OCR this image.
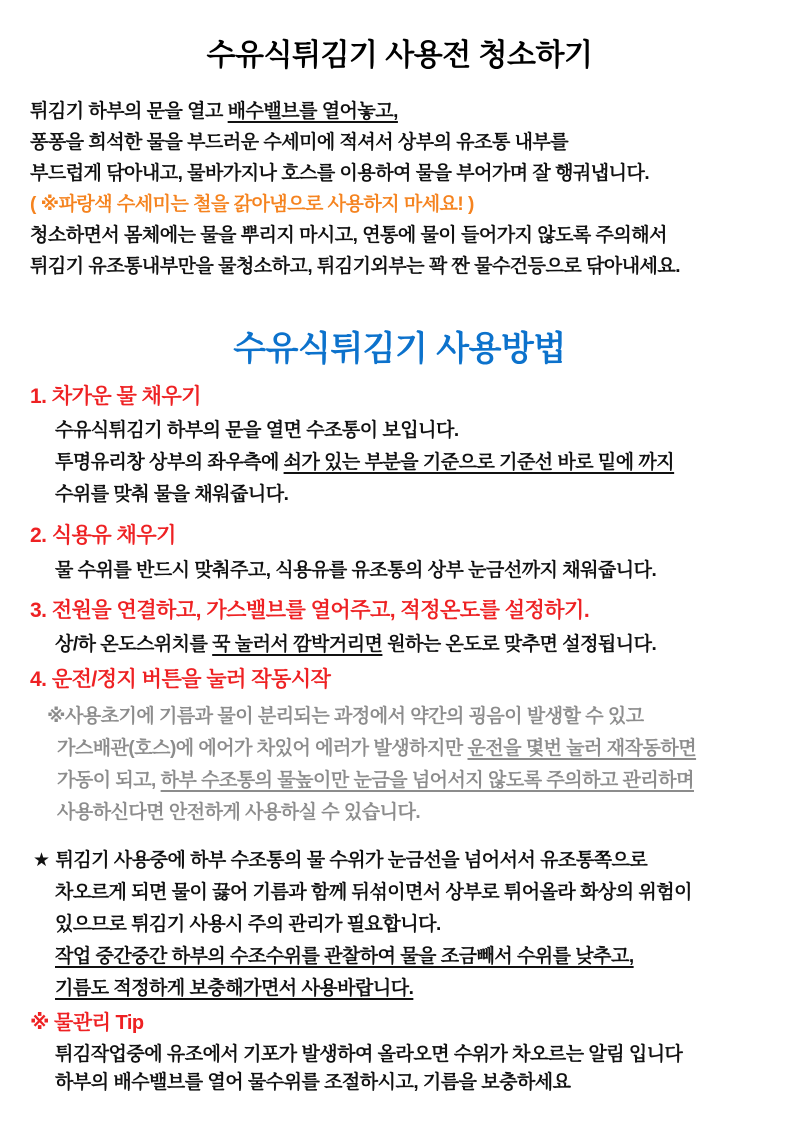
수유식튀김기 사용전 청소하기

튀김기 하부의 문을 열고 배수밸브를 열어놓고,

퐁퐁을 희석한 물을 부드러운 수세미에 적셔서 상부의 유조통 내부를

부드럽게 닦아내고, 물바가지나 호스를 이용하여 물을 부어가며 잘 행궈냅니다.

( ※파랑색 수세미는 철을 갉아냄으로 사용하지 마세요! )

청소하면서 몸체에는 물을 뿌리지 마시고, 연통에 물이 들어가지 않도록 주의해서

튀김기 유조통내부만을 물청소하고, 튀김기외부는 꽉 짠 물수건등으로 닦아내세요.

수유식튀김기 사용방법
1. 차가운 물 채우기

수유식튀김기 하부의 문을 열면 수조통이 보입니다.

투명유리창 상부의 좌우측에 쇠가 있는 부분을 기준으로 기준선 바로 밑에 까지

수위를 맞춰 물을 채워줍니다.

2. 식용유 채우기

물 수위를 반드시 맞춰주고, 식용유를 유조통의 상부 눈금선까지 채워줍니다.

3. 전원을 연결하고, 가스밸브를 열어주고, 적정온도를 설정하기.

상/하 온도스위치를 꾹 눌러서 깜박거리면 원하는 온도로 맞추면 설정됩니다.

4. 운전/정지 버튼을 눌러 작동시작

※사용초기에 기름과 물이 분리되는 과정에서 약간의 굉음이 발생할 수 있고

가스배관(호스)에 에어가 차있어 에러가 발생하지만 운전을 몇번 눌러 재작동하면

가동이 되고, 하부 수조통의 물높이만 눈금을 넘어서지 않도록 주의하고 관리하며

사용하신다면 안전하게 사용하실 수 있습니다.

★ 튀김기 사용중에 하부 수조통의 물 수위가 눈금선을 넘어서서 유조통쪽으로

차오르게 되면 물이 끓어 기름과 함께 뒤섞이면서 상부로 튀어올라 화상의 위험이

있으므로 튀김기 사용시 주의 관리가 필요합니다.

작업 중간중간 하부의 수조수위를 관찰하여 물을 조금빼서 수위를 낮추고,

기름도 적정하게 보충해가면서 사용바랍니다.

※ 물관리 Tip

튀김작업중에 유조에서 기포가 발생하여 올라오면 수위가 차오르는 알림 입니다

하부의 배수밸브를 열어 물수위를 조절하시고, 기름을 보충하세요
